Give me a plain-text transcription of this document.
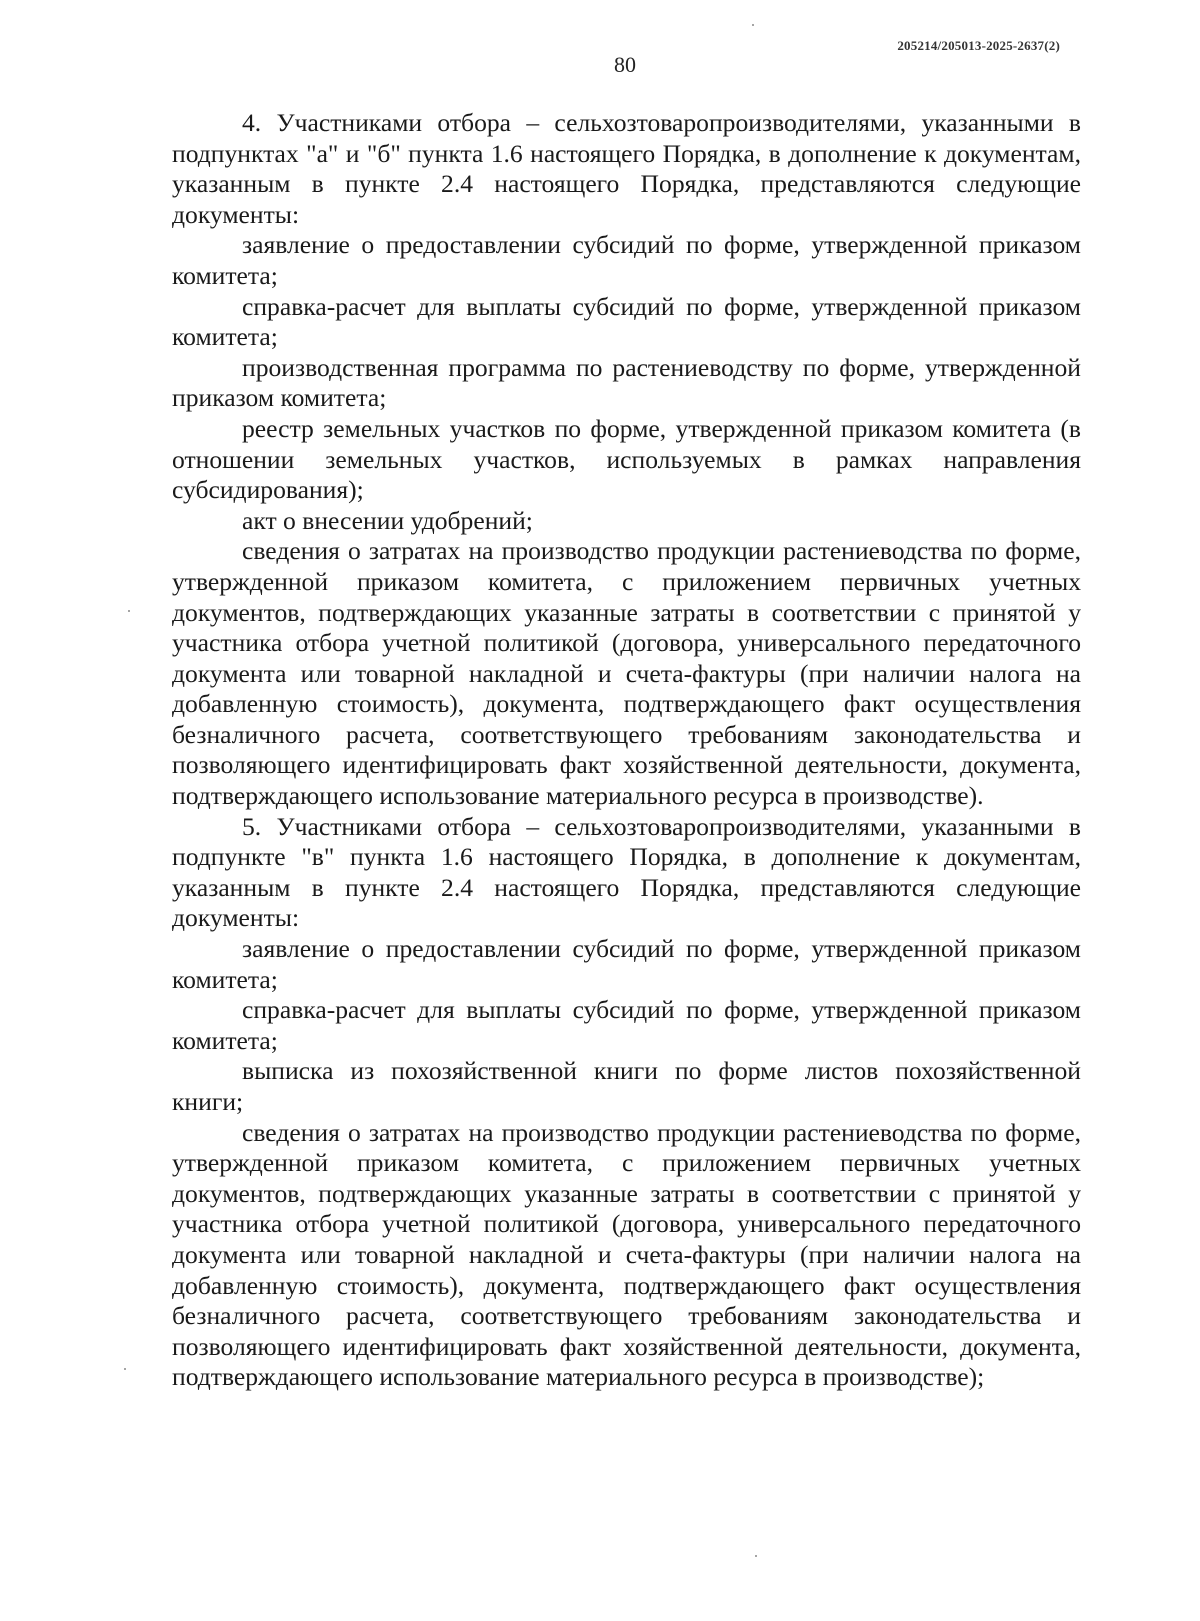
205214/205013-2025-2637(2)
80

4. Участниками отбора – сельхозтоваропроизводителями, указанными в подпунктах "а" и "б" пункта 1.6 настоящего Порядка, в дополнение к документам, указанным в пункте 2.4 настоящего Порядка, представляются следующие документы:

заявление о предоставлении субсидий по форме, утвержденной приказом комитета;

справка-расчет для выплаты субсидий по форме, утвержденной приказом комитета;

производственная программа по растениеводству по форме, утвержденной приказом комитета;

реестр земельных участков по форме, утвержденной приказом комитета (в отношении земельных участков, используемых в рамках направления субсидирования);

акт о внесении удобрений;

сведения о затратах на производство продукции растениеводства по форме, утвержденной приказом комитета, с приложением первичных учетных документов, подтверждающих указанные затраты в соответствии с принятой у участника отбора учетной политикой (договора, универсального передаточного документа или товарной накладной и счета-фактуры (при наличии налога на добавленную стоимость), документа, подтверждающего факт осуществления безналичного расчета, соответствующего требованиям законодательства и позволяющего идентифицировать факт хозяйственной деятельности, документа, подтверждающего использование материального ресурса в производстве).

5. Участниками отбора – сельхозтоваропроизводителями, указанными в подпункте "в" пункта 1.6 настоящего Порядка, в дополнение к документам, указанным в пункте 2.4 настоящего Порядка, представляются следующие документы:

заявление о предоставлении субсидий по форме, утвержденной приказом комитета;

справка-расчет для выплаты субсидий по форме, утвержденной приказом комитета;

выписка из похозяйственной книги по форме листов похозяйственной книги;

сведения о затратах на производство продукции растениеводства по форме, утвержденной приказом комитета, с приложением первичных учетных документов, подтверждающих указанные затраты в соответствии с принятой у участника отбора учетной политикой (договора, универсального передаточного документа или товарной накладной и счета-фактуры (при наличии налога на добавленную стоимость), документа, подтверждающего факт осуществления безналичного расчета, соответствующего требованиям законодательства и позволяющего идентифицировать факт хозяйственной деятельности, документа, подтверждающего использование материального ресурса в производстве);
